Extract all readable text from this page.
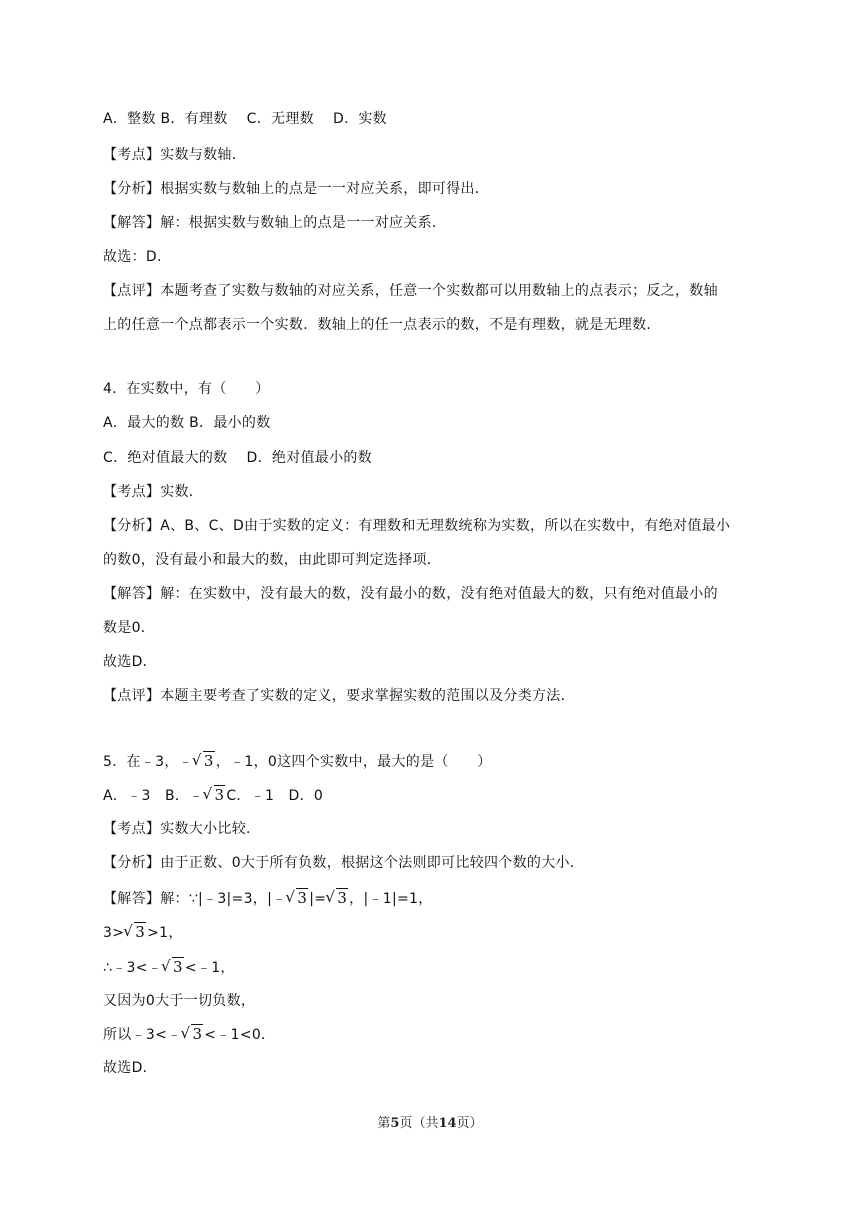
A．整数 B．有理数　 C．无理数　 D．实数
【考点】实数与数轴．
【分析】根据实数与数轴上的点是一一对应关系，即可得出．
【解答】解：根据实数与数轴上的点是一一对应关系．
故选：D．
【点评】本题考查了实数与数轴的对应关系，任意一个实数都可以用数轴上的点表示；反之，数轴
上的任意一个点都表示一个实数．数轴上的任一点表示的数，不是有理数，就是无理数．
4．在实数中，有（　　）
A．最大的数 B．最小的数
C．绝对值最大的数　 D．绝对值最小的数
【考点】实数．
【分析】A、B、C、D由于实数的定义：有理数和无理数统称为实数，所以在实数中，有绝对值最小
的数0，没有最小和最大的数，由此即可判定选择项．
【解答】解：在实数中，没有最大的数，没有最小的数，没有绝对值最大的数，只有绝对值最小的
数是0．
故选D．
【点评】本题主要考查了实数的定义，要求掌握实数的范围以及分类方法．
5．在﹣3，﹣ √ 3 ，﹣1，0这四个实数中，最大的是（　　）
A．﹣3　B．﹣ √ 3 C．﹣1　D．0
【考点】实数大小比较．
【分析】由于正数、0大于所有负数，根据这个法则即可比较四个数的大小．
【解答】解：∵|﹣3|=3，|﹣ √ 3 |= √ 3 ，|﹣1|=1，
3> √ 3 >1，
∴﹣3<﹣ √ 3 <﹣1，
又因为0大于一切负数，
所以﹣3<﹣ √ 3 <﹣1<0．
故选D．
第5页（共14页）
